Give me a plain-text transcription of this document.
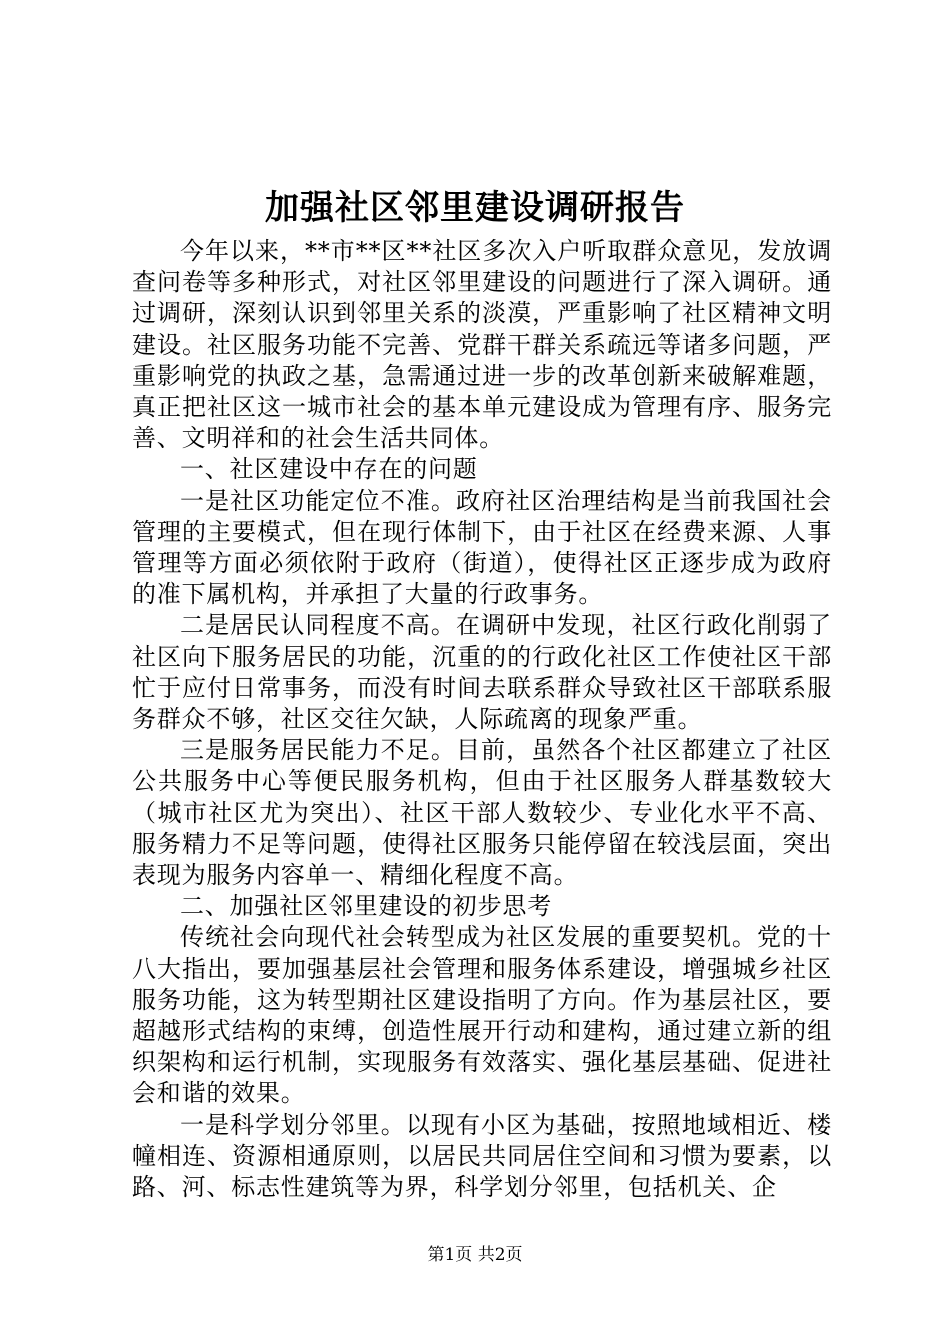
加强社区邻里建设调研报告

今年以来，**市**区**社区多次入户听取群众意见，发放调查问卷等多种形式，对社区邻里建设的问题进行了深入调研。通过调研，深刻认识到邻里关系的淡漠，严重影响了社区精神文明建设。社区服务功能不完善、党群干群关系疏远等诸多问题，严重影响党的执政之基，急需通过进一步的改革创新来破解难题，真正把社区这一城市社会的基本单元建设成为管理有序、服务完善、文明祥和的社会生活共同体。

一、社区建设中存在的问题

一是社区功能定位不准。政府社区治理结构是当前我国社会管理的主要模式，但在现行体制下，由于社区在经费来源、人事管理等方面必须依附于政府（街道），使得社区正逐步成为政府的准下属机构，并承担了大量的行政事务。

二是居民认同程度不高。在调研中发现，社区行政化削弱了社区向下服务居民的功能，沉重的的行政化社区工作使社区干部忙于应付日常事务，而没有时间去联系群众导致社区干部联系服务群众不够，社区交往欠缺，人际疏离的现象严重。

三是服务居民能力不足。目前，虽然各个社区都建立了社区公共服务中心等便民服务机构，但由于社区服务人群基数较大（城市社区尤为突出）、社区干部人数较少、专业化水平不高、服务精力不足等问题，使得社区服务只能停留在较浅层面，突出表现为服务内容单一、精细化程度不高。

二、加强社区邻里建设的初步思考

传统社会向现代社会转型成为社区发展的重要契机。党的十八大指出，要加强基层社会管理和服务体系建设，增强城乡社区服务功能，这为转型期社区建设指明了方向。作为基层社区，要超越形式结构的束缚，创造性展开行动和建构，通过建立新的组织架构和运行机制，实现服务有效落实、强化基层基础、促进社会和谐的效果。

一是科学划分邻里。以现有小区为基础，按照地域相近、楼幢相连、资源相通原则，以居民共同居住空间和习惯为要素，以路、河、标志性建筑等为界，科学划分邻里，包括机关、企

第1页 共2页
